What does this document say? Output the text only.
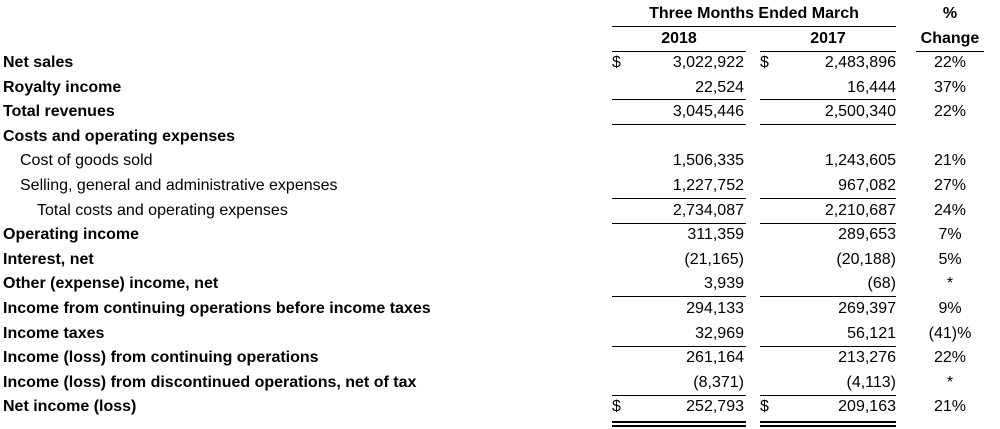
Three Months Ended March	%
2018	2017	Change
Net sales	$	3,022,922 $	2,483,896	22%
Royalty income	22,524	16,444	37%
Total revenues	3,045,446	2,500,340	22%
Costs and operating expenses
Cost of goods sold	1,506,335	1,243,605	21%
Selling, general and administrative expenses	1,227,752	967,082	27%
Total costs and operating expenses	2,734,087	2,210,687	24%
Operating income	311,359	289,653	7%
Interest, net	(21,165)	(20,188)	5%
Other (expense) income, net	3,939	(68)	*
Income from continuing operations before income taxes	294,133	269,397	9%
Income taxes	32,969	56,121	(41)%
Income (loss) from continuing operations	261,164	213,276	22%
Income (loss) from discontinued operations, net of tax	(8,371)	(4,113)	*
Net income (loss)	$	252,793 $	209,163	21%
